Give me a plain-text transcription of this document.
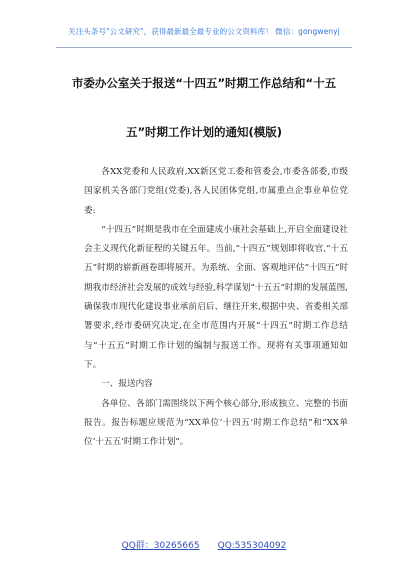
关注头条号"公文研究"，获得最新最全最专业的公文资料库！ 微信：gongwenyj
市委办公室关于报送“十四五”时期工作总结和“十五
五”时期工作计划的通知(模版)

各XX党委和人民政府,XX新区党工委和管委会,市委各部委,市级国家机关各部门党组(党委),各人民团体党组,市属重点企事业单位党委:

“十四五”时期是我市在全面建成小康社会基础上,开启全面建设社会主义现代化新征程的关键五年。当前,“十四五”规划即将收官,“十五五”时期的崭新画卷即将展开。为系统、全面、客观地评估“十四五”时期我市经济社会发展的成效与经验,科学谋划“十五五”时期的发展蓝图,确保我市现代化建设事业承前启后、继往开来,根据中央、省委相关部署要求,经市委研究决定,在全市范围内开展“十四五”时期工作总结与“十五五”时期工作计划的编制与报送工作。现将有关事项通知如下。

一、报送内容

各单位、各部门需围绕以下两个核心部分,形成独立、完整的书面报告。报告标题应规范为“XX单位‘十四五’时期工作总结”和“XX单位‘十五五’时期工作计划”。

QQ群：30265665 QQ:535304092
